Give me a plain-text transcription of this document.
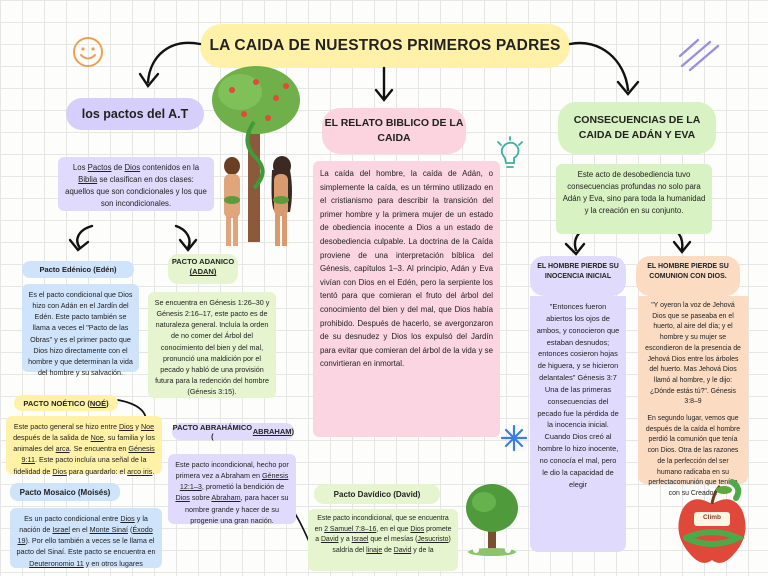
LA CAIDA DE NUESTROS PRIMEROS PADRES
los pactos del A.T
EL RELATO BIBLICO DE LA CAIDA
CONSECUENCIAS DE LA CAIDA DE ADÁN Y EVA
Los Pactos de Dios contenidos en la Biblia se clasifican en dos clases: aquellos que son condicionales y los que son incondicionales.
La caída del hombre, la caída de Adán, o simplemente la caída, es un término utilizado en el cristianismo para describir la transición del primer hombre y la primera mujer de un estado de obediencia inocente a Dios a un estado de desobediencia culpable. La doctrina de la Caída proviene de una interpretación bíblica del Génesis, capítulos 1–3. Al principio, Adán y Eva vivían con Dios en el Edén, pero la serpiente los tentó para que comieran el fruto del árbol del conocimiento del bien y del mal, que Dios había prohibido. Después de hacerlo, se avergonzaron de su desnudez y Dios los expulsó del Jardín para evitar que comieran del árbol de la vida y se convirtieran en inmortal.
Este acto de desobediencia tuvo consecuencias profundas no solo para Adán y Eva, sino para toda la humanidad y la creación en su conjunto.
Pacto Edénico (Edén)
Es el pacto condicional que Dios hizo con Adán en el Jardín del Edén. Este pacto también se llama a veces el "Pacto de las Obras" y es el primer pacto que Dios hizo directamente con el hombre y que determinan la vida del hombre y su salvación.
PACTO ADANICO
(ADAN)
Se encuentra en Génesis 1:26–30 y Génesis 2:16–17, este pacto es de naturaleza general. Incluía la orden de no comer del Árbol del conocimiento del bien y del mal, pronunció una maldición por el pecado y habló de una provisión futura para la redención del hombre (Génesis 3:15).
PACTO NOÉTICO ( NOÉ )
Este pacto general se hizo entre Dios y Noe después de la salida de Noe, su familia y los animales del arca. Se encuentra en Génesis 9:11. Este pacto incluía una señal de la fidelidad de Dios para guardarlo: el arco iris.
PACTO ABRAHÁMICO (	ABRAHAM )
Este pacto incondicional, hecho por primera vez a Abraham en Génesis 12:1–3, prometió la bendición de Dios sobre Abraham, para hacer su nombre grande y hacer de su progenie una gran nación.
Pacto Mosaico (Moisés)
Es un pacto condicional entre Dios y la nación de Israel en el Monte Sinaí (Éxodo 19). Por ello también a veces se le llama el pacto del Sinaí. Este pacto se encuentra en Deuteronomio 11 y en otros lugares
Pacto Davídico (David)
Este pacto incondicional, que se encuentra en 2 Samuel 7:8–16, en el que Dios promete a David y a Israel que el mesías (Jesucristo) saldría del linaje de David y de la
EL HOMBRE PIERDE SU INOCENCIA INICIAL
"Entonces fueron abiertos los ojos de ambos, y conocieron que estaban desnudos; entonces cosieron hojas de higuera, y se hicieron delantales" Génesis 3:7 Una de las primeras consecuencias del pecado fue la pérdida de la inocencia inicial. Cuando Dios creó al hombre lo hizo inocente, no conocía el mal, pero le dio la capacidad de elegir
EL HOMBRE PIERDE SU COMUNION CON DIOS.
"Y oyeron la voz de Jehová Dios que se paseaba en el huerto, al aire del día; y el hombre y su mujer se escondieron de la presencia de Jehová Dios entre los árboles del huerto. Mas Jehová Dios llamó al hombre, y le dijo: ¿Dónde estás tú?". Génesis 3:8–9
En segundo lugar, vemos que después de la caída el hombre perdió la comunión que tenía con Dios. Otra de las razones de la perfección del ser humano radicaba en su perfectacomunión que tenían con su Creador.
Climb
